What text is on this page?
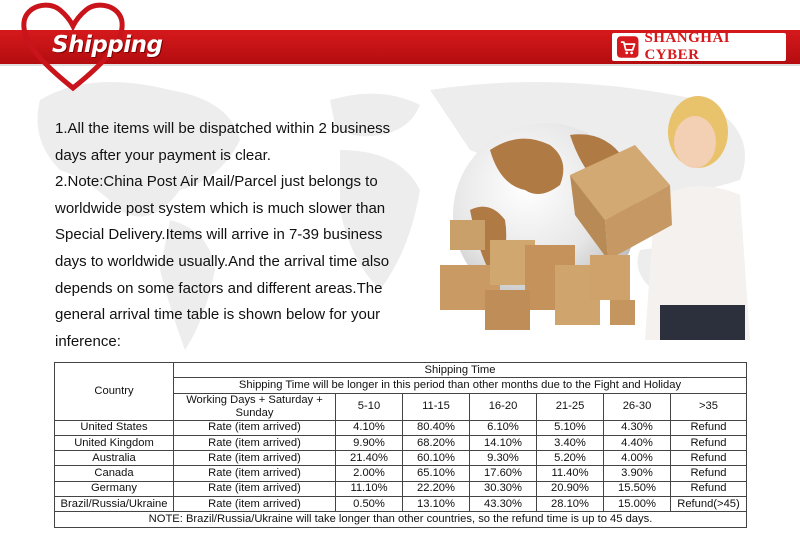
Shipping	SHANGHAI CYBER

1.All the items will be dispatched within 2 business days after your payment is clear.

2.Note:China Post Air Mail/Parcel just belongs to worldwide post system which is much slower than Special Delivery.Items will arrive in 7-39 business days to worldwide usually.And the arrival time also depends on some factors and different areas.The general arrival time table is shown below for your inference:

Country	Shipping Time						
	Shipping Time will be longer in this period than other months due to the Fight and Holiday						
	Working Days + Saturday + Sunday	5-10	11-15	16-20	21-25	26-30	>35
United States	Rate (item arrived)	4.10%	80.40%	6.10%	5.10%	4.30%	Refund
United Kingdom	Rate (item arrived)	9.90%	68.20%	14.10%	3.40%	4.40%	Refund
Australia	Rate (item arrived)	21.40%	60.10%	9.30%	5.20%	4.00%	Refund
Canada	Rate (item arrived)	2.00%	65.10%	17.60%	11.40%	3.90%	Refund
Germany	Rate (item arrived)	11.10%	22.20%	30.30%	20.90%	15.50%	Refund
Brazil/Russia/Ukraine	Rate (item arrived)	0.50%	13.10%	43.30%	28.10%	15.00%	Refund(>45)
NOTE: Brazil/Russia/Ukraine will take longer than other countries, so the refund time is up to 45 days.							
